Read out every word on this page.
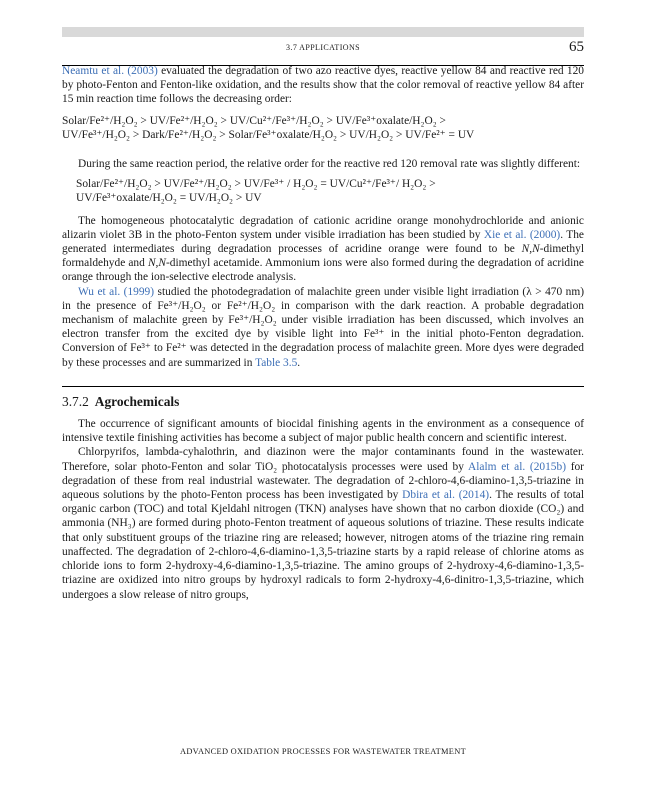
3.7 APPLICATIONS	65

Neamtu et al. (2003) evaluated the degradation of two azo reactive dyes, reactive yellow 84 and reactive red 120 by photo-Fenton and Fenton-like oxidation, and the results show that the color removal of reactive yellow 84 after 15 min reaction time follows the decreasing order:

Solar/Fe²⁺/H₂O₂ > UV/Fe²⁺/H₂O₂ > UV/Cu²⁺/Fe³⁺/H₂O₂ > UV/Fe³⁺oxalate/H₂O₂ >
UV/Fe³⁺/H₂O₂ > Dark/Fe²⁺/H₂O₂ > Solar/Fe³⁺oxalate/H₂O₂ > UV/H₂O₂ > UV/Fe²⁺ = UV

During the same reaction period, the relative order for the reactive red 120 removal rate was slightly different:

Solar/Fe²⁺/H₂O₂ > UV/Fe²⁺/H₂O₂ > UV/Fe³⁺ / H₂O₂ = UV/Cu²⁺/Fe³⁺/ H₂O₂ >
UV/Fe³⁺oxalate/H₂O₂ = UV/H₂O₂ > UV

The homogeneous photocatalytic degradation of cationic acridine orange monohydrochloride and anionic alizarin violet 3B in the photo-Fenton system under visible irradiation has been studied by Xie et al. (2000). The generated intermediates during degradation processes of acridine orange were found to be N,N-dimethyl formaldehyde and N,N-dimethyl acetamide. Ammonium ions were also formed during the degradation of acridine orange through the ion-selective electrode analysis.

Wu et al. (1999) studied the photodegradation of malachite green under visible light irradiation (λ > 470 nm) in the presence of Fe³⁺/H₂O₂ or Fe²⁺/H₂O₂ in comparison with the dark reaction. A probable degradation mechanism of malachite green by Fe³⁺/H₂O₂ under visible irradiation has been discussed, which involves an electron transfer from the excited dye by visible light into Fe³⁺ in the initial photo-Fenton degradation. Conversion of Fe³⁺ to Fe²⁺ was detected in the degradation process of malachite green. More dyes were degraded by these processes and are summarized in Table 3.5.

3.7.2 Agrochemicals

The occurrence of significant amounts of biocidal finishing agents in the environment as a consequence of intensive textile finishing activities has become a subject of major public health concern and scientific interest.

Chlorpyrifos, lambda-cyhalothrin, and diazinon were the major contaminants found in the wastewater. Therefore, solar photo-Fenton and solar TiO₂ photocatalysis processes were used by Alalm et al. (2015b) for degradation of these from real industrial wastewater. The degradation of 2-chloro-4,6-diamino-1,3,5-triazine in aqueous solutions by the photo-Fenton process has been investigated by Dbira et al. (2014). The results of total organic carbon (TOC) and total Kjeldahl nitrogen (TKN) analyses have shown that no carbon dioxide (CO₂) and ammonia (NH₃) are formed during photo-Fenton treatment of aqueous solutions of triazine. These results indicate that only substituent groups of the triazine ring are released; however, nitrogen atoms of the triazine ring remain unaffected. The degradation of 2-chloro-4,6-diamino-1,3,5-triazine starts by a rapid release of chlorine atoms as chloride ions to form 2-hydroxy-4,6-diamino-1,3,5-triazine. The amino groups of 2-hydroxy-4,6-diamino-1,3,5-triazine are oxidized into nitro groups by hydroxyl radicals to form 2-hydroxy-4,6-dinitro-1,3,5-triazine, which undergoes a slow release of nitro groups,

ADVANCED OXIDATION PROCESSES FOR WASTEWATER TREATMENT
